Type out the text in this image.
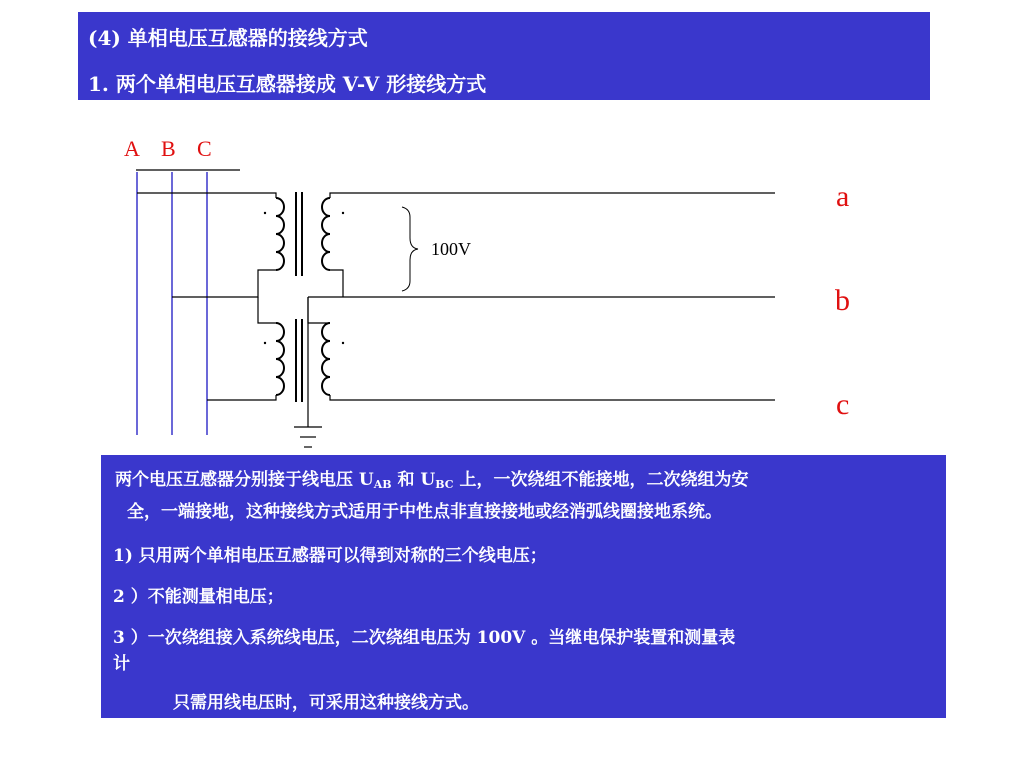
(4) 单相电压互感器的接线方式
1. 两个单相电压互感器接成 V-V 形接线方式
A B C
100V
a
b
c
两个电压互感器分别接于线电压 $U_{AB}$ 和 $U_{BC}$ 上，一次绕组不能接地，二次绕组为安
全，一端接地，这种接线方式适用于中性点非直接接地或经消弧线圈接地系统。
1) 只用两个单相电压互感器可以得到对称的三个线电压；
2 ）不能测量相电压；
3 ）一次绕组接入系统线电压，二次绕组电压为 100V 。当继电保护装置和测量表
计
只需用线电压时，可采用这种接线方式。
